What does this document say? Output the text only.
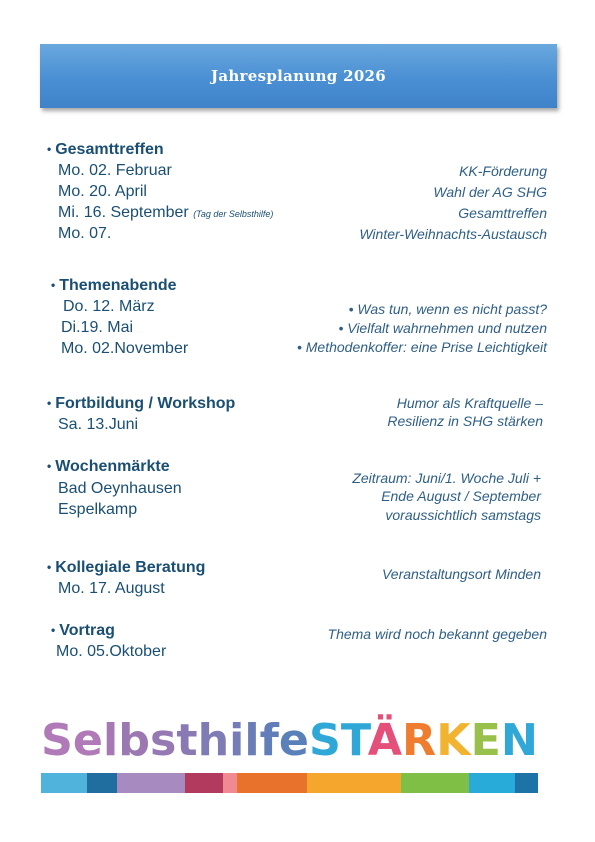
Jahresplanung 2026
• Gesamttreffen
Mo. 02. Februar
Mo. 20. April
Mi. 16. September (Tag der Selbsthilfe)
Mo. 07.
KK-Förderung
Wahl der AG SHG
Gesamttreffen
Winter-Weihnachts-Austausch
• Themenabende
Do. 12. März
Di.19. Mai
Mo. 02.November
• Was tun, wenn es nicht passt?
• Vielfalt wahrnehmen und nutzen
• Methodenkoffer: eine Prise Leichtigkeit
• Fortbildung / Workshop
Sa. 13.Juni
Humor als Kraftquelle –
Resilienz in SHG stärken
• Wochenmärkte
Bad Oeynhausen
Espelkamp
Zeitraum: Juni/1. Woche Juli +
Ende August / September
voraussichtlich samstags
• Kollegiale Beratung
Mo. 17. August
Veranstaltungsort Minden
• Vortrag
Mo. 05.Oktober
Thema wird noch bekannt gegeben
SelbsthilfeSTÄRKEN
